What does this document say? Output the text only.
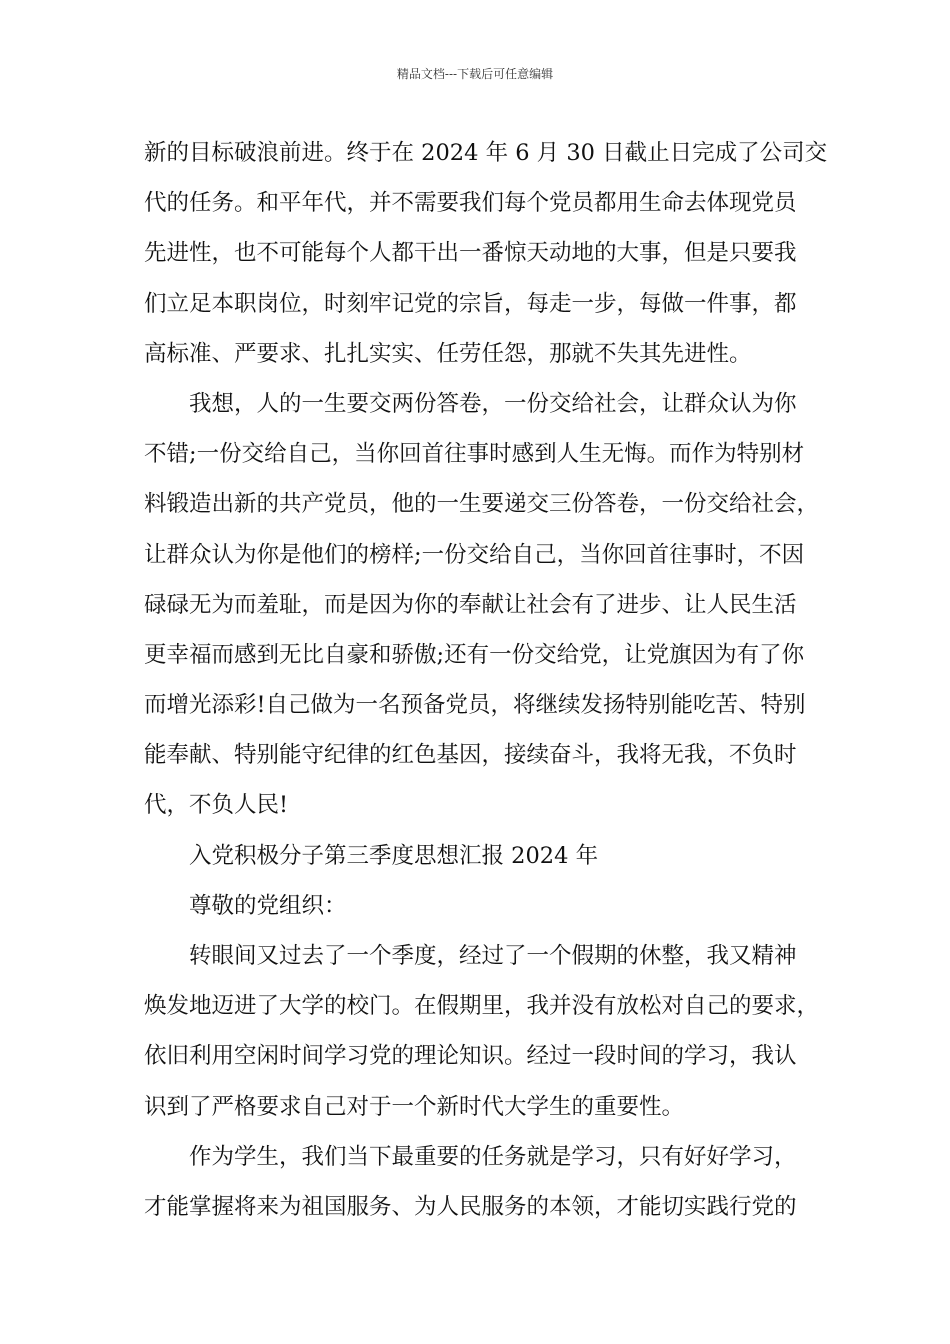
精品文档---下载后可任意编辑
新的目标破浪前进。终于在 2024 年 6 月 30 日截止日完成了公司交
代的任务。和平年代，并不需要我们每个党员都用生命去体现党员
先进性，也不可能每个人都干出一番惊天动地的大事，但是只要我
们立足本职岗位，时刻牢记党的宗旨，每走一步，每做一件事，都
高标准、严要求、扎扎实实、任劳任怨，那就不失其先进性。
我想，人的一生要交两份答卷，一份交给社会，让群众认为你
不错;一份交给自己，当你回首往事时感到人生无悔。而作为特别材
料锻造出新的共产党员，他的一生要递交三份答卷，一份交给社会，
让群众认为你是他们的榜样;一份交给自己，当你回首往事时，不因
碌碌无为而羞耻，而是因为你的奉献让社会有了进步、让人民生活
更幸福而感到无比自豪和骄傲;还有一份交给党，让党旗因为有了你
而增光添彩!自己做为一名预备党员，将继续发扬特别能吃苦、特别
能奉献、特别能守纪律的红色基因，接续奋斗，我将无我，不负时
代，不负人民!
入党积极分子第三季度思想汇报 2024 年
尊敬的党组织：
转眼间又过去了一个季度，经过了一个假期的休整，我又精神
焕发地迈进了大学的校门。在假期里，我并没有放松对自己的要求，
依旧利用空闲时间学习党的理论知识。经过一段时间的学习，我认
识到了严格要求自己对于一个新时代大学生的重要性。
作为学生，我们当下最重要的任务就是学习，只有好好学习，
才能掌握将来为祖国服务、为人民服务的本领，才能切实践行党的
